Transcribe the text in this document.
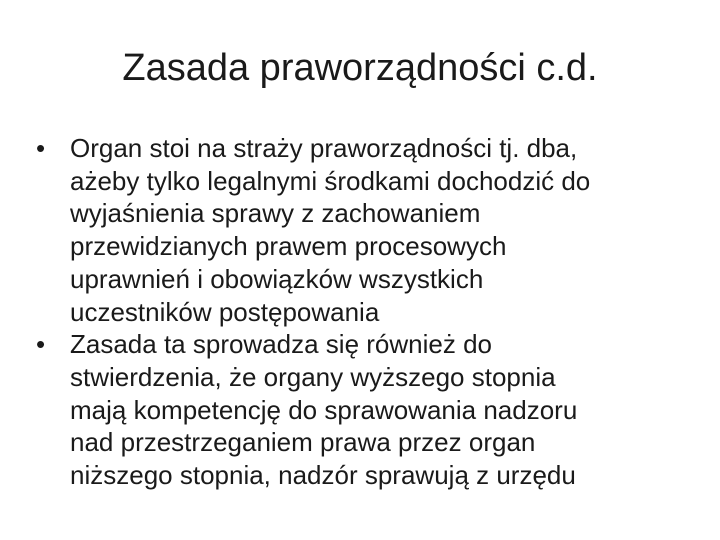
Zasada praworządności c.d.
• Organ stoi na straży praworządności tj. dba,
ażeby tylko legalnymi środkami dochodzić do
wyjaśnienia sprawy z zachowaniem
przewidzianych prawem procesowych
uprawnień i obowiązków wszystkich
uczestników postępowania
• Zasada ta sprowadza się również do
stwierdzenia, że organy wyższego stopnia
mają kompetencję do sprawowania nadzoru
nad przestrzeganiem prawa przez organ
niższego stopnia, nadzór sprawują z urzędu
